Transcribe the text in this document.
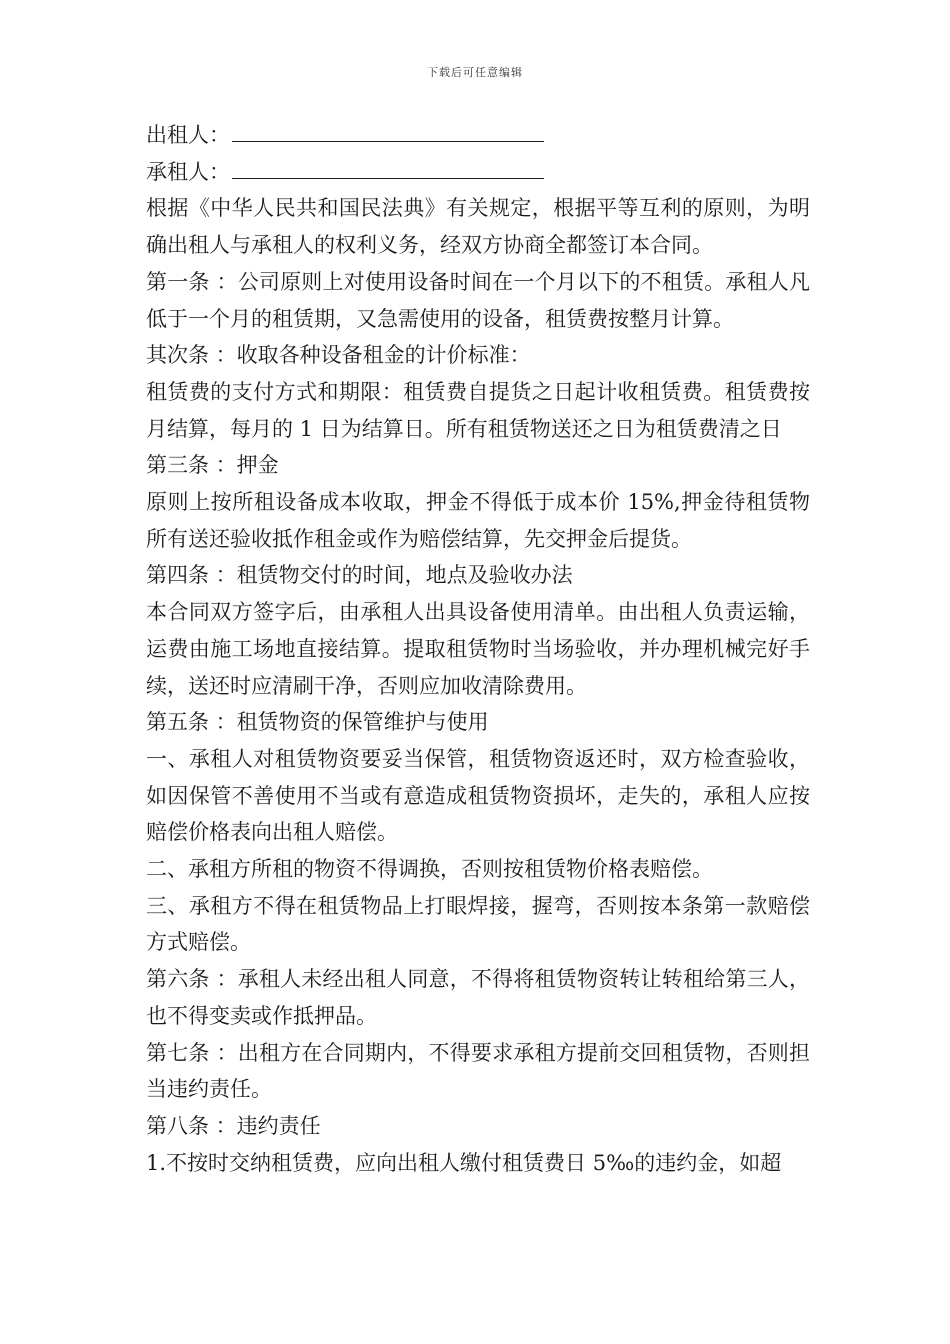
下载后可任意编辑
出租人：
承租人：

根据《中华人民共和国民法典》有关规定，根据平等互利的原则，为明确出租人与承租人的权利义务，经双方协商全都签订本合同。

第一条 ：公司原则上对使用设备时间在一个月以下的不租赁。承租人凡低于一个月的租赁期，又急需使用的设备，租赁费按整月计算。

其次条 ：收取各种设备租金的计价标准：

租赁费的支付方式和期限：租赁费自提货之日起计收租赁费。租赁费按月结算，每月的 1 日为结算日。所有租赁物送还之日为租赁费清之日

第三条 ：押金

原则上按所租设备成本收取，押金不得低于成本价 15%,押金待租赁物所有送还验收抵作租金或作为赔偿结算，先交押金后提货。

第四条 ：租赁物交付的时间，地点及验收办法

本合同双方签字后，由承租人出具设备使用清单。由出租人负责运输，运费由施工场地直接结算。提取租赁物时当场验收，并办理机械完好手续，送还时应清刷干净，否则应加收清除费用。

第五条 ：租赁物资的保管维护与使用

一、承租人对租赁物资要妥当保管，租赁物资返还时，双方检查验收，如因保管不善使用不当或有意造成租赁物资损坏，走失的，承租人应按赔偿价格表向出租人赔偿。

二、承租方所租的物资不得调换，否则按租赁物价格表赔偿。

三、承租方不得在租赁物品上打眼焊接，握弯，否则按本条第一款赔偿方式赔偿。

第六条 ：承租人未经出租人同意，不得将租赁物资转让转租给第三人，也不得变卖或作抵押品。

第七条 ：出租方在合同期内，不得要求承租方提前交回租赁物，否则担当违约责任。

第八条 ：违约责任

1.不按时交纳租赁费，应向出租人缴付租赁费日 5‰的违约金，如超
